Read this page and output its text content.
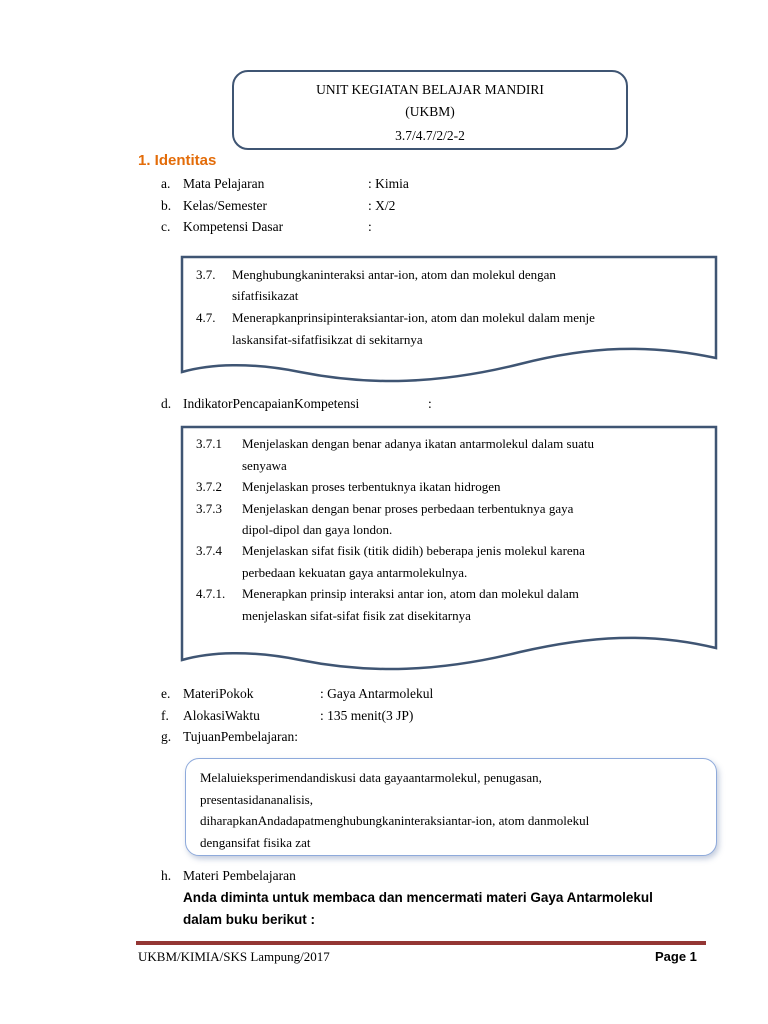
UNIT KEGIATAN BELAJAR MANDIRI
(UKBM)
3.7/4.7/2/2-2
1. Identitas
a. Mata Pelajaran	: Kimia
b. Kelas/Semester	: X/2
c. Kompetensi Dasar	:
3.7. Menghubungkaninteraksi antar-ion, atom dan molekul dengan
sifatfisikazat
4.7. Menerapkanprinsipinteraksiantar-ion, atom dan molekul dalam menje
laskansifat-sifatfisikzat di sekitarnya
d. IndikatorPencapaianKompetensi	:
3.7.1 Menjelaskan dengan benar adanya ikatan antarmolekul dalam suatu
senyawa
3.7.2 Menjelaskan proses terbentuknya ikatan hidrogen
3.7.3 Menjelaskan dengan benar proses perbedaan terbentuknya gaya
dipol-dipol dan gaya london.
3.7.4 Menjelaskan sifat fisik (titik didih) beberapa jenis molekul karena
perbedaan kekuatan gaya antarmolekulnya.
4.7.1. Menerapkan prinsip interaksi antar ion, atom dan molekul dalam
menjelaskan sifat-sifat fisik zat disekitarnya
e. MateriPokok	: Gaya Antarmolekul
f. AlokasiWaktu	: 135 menit(3 JP)
g. TujuanPembelajaran:
Melaluieksperimendandiskusi data gayaantarmolekul, penugasan,
presentasidananalisis,
diharapkanAndadapatmenghubungkaninteraksiantar-ion, atom danmolekul
dengansifat fisika zat
h. Materi Pembelajaran
Anda diminta untuk membaca dan mencermati materi Gaya Antarmolekul
dalam buku berikut :
UKBM/KIMIA/SKS Lampung/2017	Page 1
